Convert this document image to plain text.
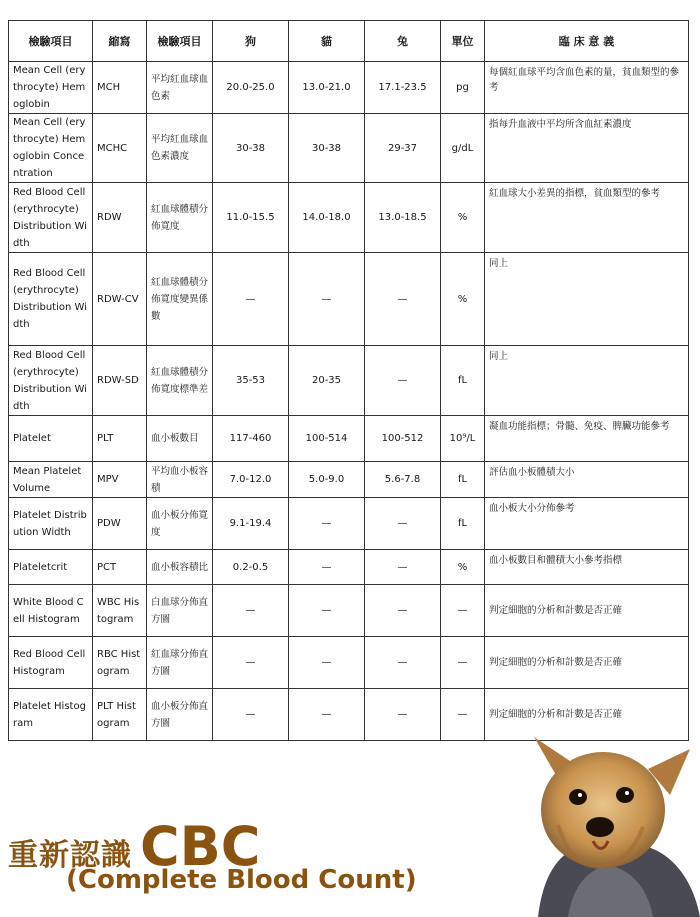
檢驗項目	縮寫	檢驗項目	狗	貓	兔	單位	臨 床 意 義
Mean Cell (erythrocyte) Hemoglobin	MCH	平均紅血球血色素	20.0-25.0	13.0-21.0	17.1-23.5	pg	每個紅血球平均含血色素的量，貧血類型的參考
Mean Cell (erythrocyte) Hemoglobin Concentration	MCHC	平均紅血球血色素濃度	30-38	30-38	29-37	g/dL	指每升血液中平均所含血紅素濃度
Red Blood Cell (erythrocyte) Distribution Width	RDW	紅血球體積分佈寬度	11.0-15.5	14.0-18.0	13.0-18.5	%	紅血球大小差異的指標，貧血類型的參考
Red Blood Cell (erythrocyte) Distribution Width	RDW-CV	紅血球體積分佈寬度變異係數	—	—	—	%	同上
Red Blood Cell (erythrocyte) Distribution Width	RDW-SD	紅血球體積分佈寬度標準差	35-53	20-35	—	fL	同上
Platelet	PLT	血小板數目	117-460	100-514	100-512	10⁹/L	凝血功能指標；骨髓、免疫、脾臟功能參考
Mean Platelet Volume	MPV	平均血小板容積	7.0-12.0	5.0-9.0	5.6-7.8	fL	評估血小板體積大小
Platelet Distribution Width	PDW	血小板分佈寬度	9.1-19.4	—	—	fL	血小板大小分佈參考
Plateletcrit	PCT	血小板容積比	0.2-0.5	—	—	%	血小板數目和體積大小參考指標
White Blood Cell Histogram	WBC Histogram	白血球分佈直方圖	—	—	—	—	判定細胞的分析和計數是否正確
Red Blood Cell Histogram	RBC Histogram	紅血球分佈直方圖	—	—	—	—	判定細胞的分析和計數是否正確
Platelet Histogram	PLT Histogram	血小板分佈直方圖	—	—	—	—	判定細胞的分析和計數是否正確
重新認識 CBC
(Complete Blood Count)
